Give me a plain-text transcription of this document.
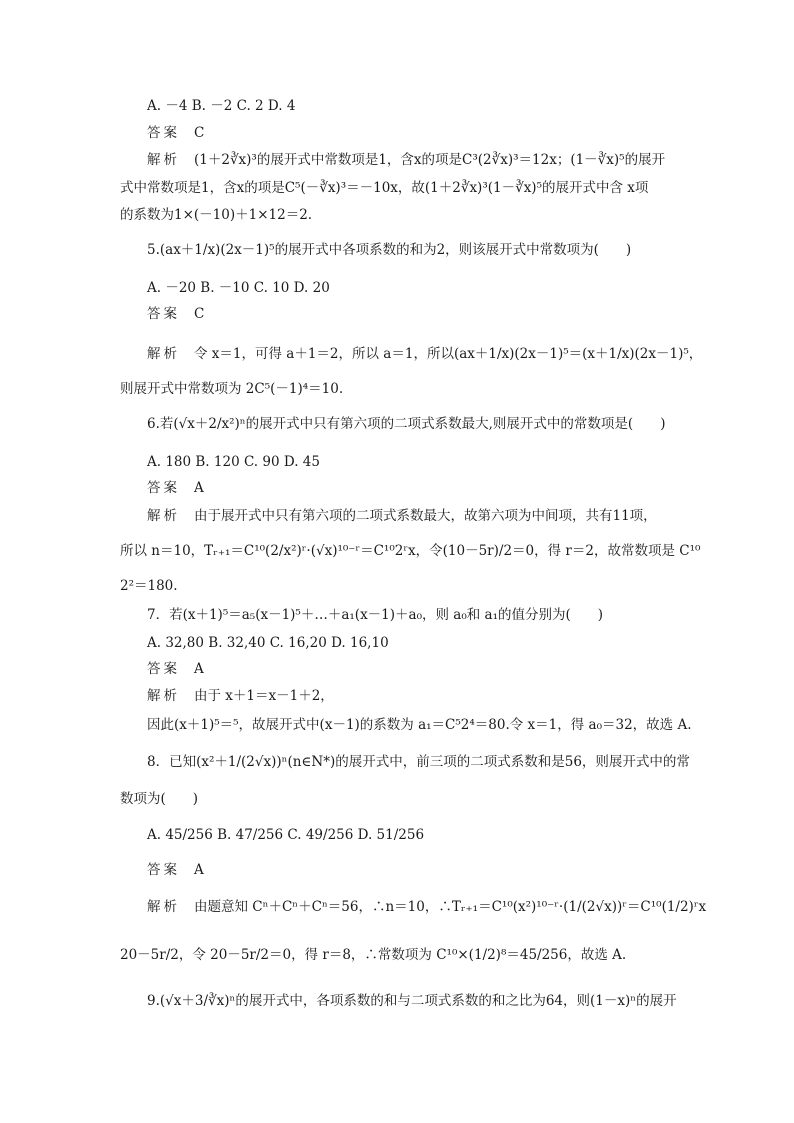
A. －4 B. －2 C. 2 D. 4
答案 C
解析 (1＋2∛x)³的展开式中常数项是1，含x的项是C³(2∛x)³＝12x；(1－∛x)⁵的展开
式中常数项是1，含x的项是C⁵(－∛x)³＝－10x，故(1＋2∛x)³(1－∛x)⁵的展开式中含 x项
的系数为1×(－10)＋1×12＝2.
5.(ax＋1/x)(2x－1)⁵的展开式中各项系数的和为2，则该展开式中常数项为(　　)
A. －20 B. －10 C. 10 D. 20
答案 C
解析 令 x＝1，可得 a＋1＝2，所以 a＝1，所以(ax＋1/x)(2x－1)⁵＝(x＋1/x)(2x－1)⁵，
则展开式中常数项为 2C⁵(－1)⁴＝10.
6.若(√x＋2/x²)ⁿ的展开式中只有第六项的二项式系数最大,则展开式中的常数项是(　　)
A. 180 B. 120 C. 90 D. 45
答案 A
解析 由于展开式中只有第六项的二项式系数最大，故第六项为中间项，共有11项，
所以 n＝10，Tᵣ₊₁＝C¹⁰(2/x²)ʳ·(√x)¹⁰⁻ʳ＝C¹⁰2ʳx，令(10－5r)/2＝0，得 r＝2，故常数项是 C¹⁰
2²＝180.
7．若(x＋1)⁵＝a₅(x－1)⁵＋…＋a₁(x－1)＋a₀，则 a₀和 a₁的值分别为(　　)
A. 32,80 B. 32,40 C. 16,20 D. 16,10
答案 A
解析 由于 x＋1＝x－1＋2，
因此(x＋1)⁵＝⁵，故展开式中(x－1)的系数为 a₁＝C⁵2⁴＝80.令 x＝1，得 a₀＝32，故选 A.
8．已知(x²＋1/(2√x))ⁿ(n∈N*)的展开式中，前三项的二项式系数和是56，则展开式中的常
数项为(　　)
A. 45/256 B. 47/256 C. 49/256 D. 51/256
答案 A
解析 由题意知 Cⁿ＋Cⁿ＋Cⁿ＝56，∴n＝10，∴Tᵣ₊₁＝C¹⁰(x²)¹⁰⁻ʳ·(1/(2√x))ʳ＝C¹⁰(1/2)ʳx
20－5r/2，令 20－5r/2＝0，得 r＝8，∴常数项为 C¹⁰×(1/2)⁸＝45/256，故选 A.
9.(√x＋3/∛x)ⁿ的展开式中，各项系数的和与二项式系数的和之比为64，则(1－x)ⁿ的展开
